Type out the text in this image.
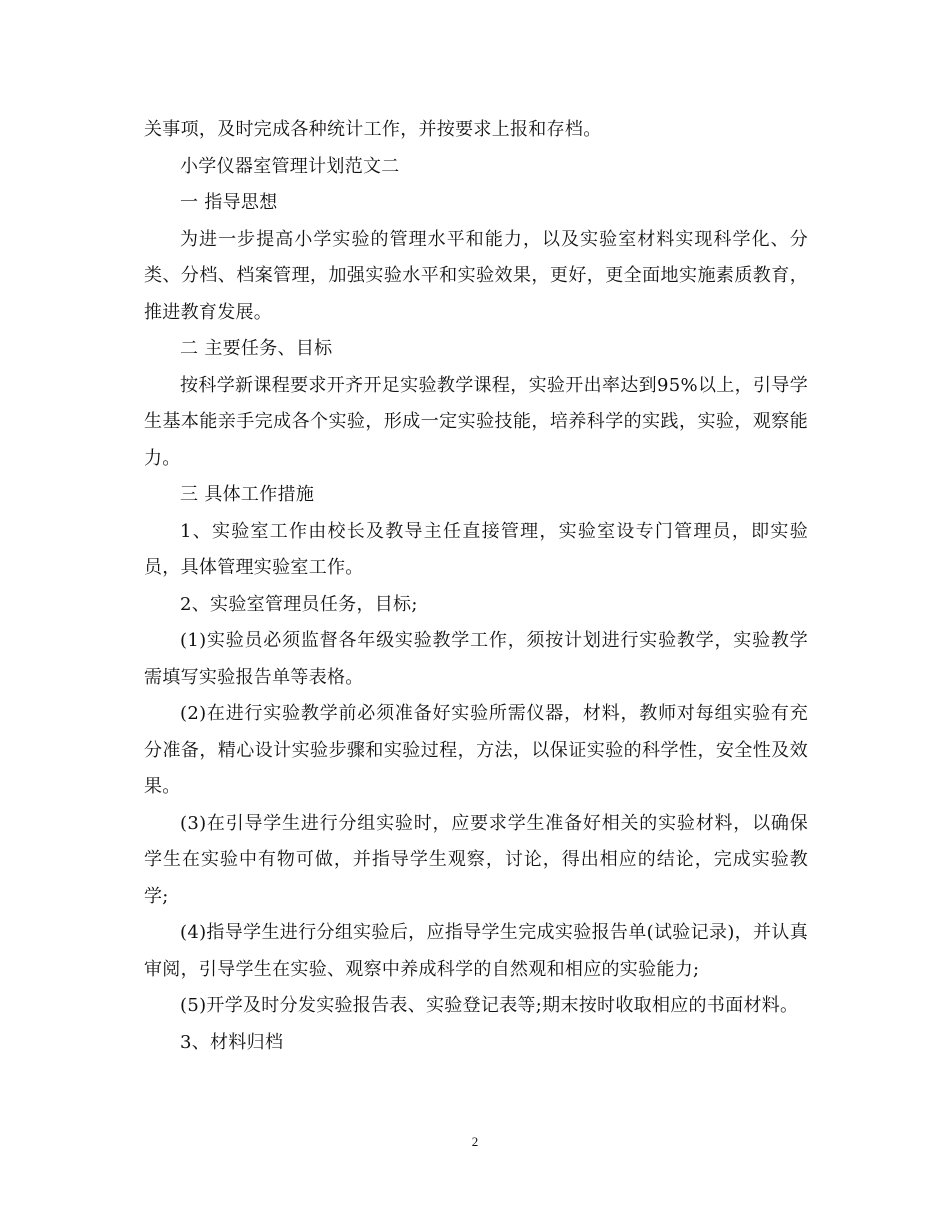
关事项，及时完成各种统计工作，并按要求上报和存档。

小学仪器室管理计划范文二

一 指导思想

为进一步提高小学实验的管理水平和能力，以及实验室材料实现科学化、分类、分档、档案管理，加强实验水平和实验效果，更好，更全面地实施素质教育，推进教育发展。

二 主要任务、目标

按科学新课程要求开齐开足实验教学课程，实验开出率达到95%以上，引导学生基本能亲手完成各个实验，形成一定实验技能，培养科学的实践，实验，观察能力。

三 具体工作措施

1、实验室工作由校长及教导主任直接管理，实验室设专门管理员，即实验员，具体管理实验室工作。

2、实验室管理员任务，目标;

(1)实验员必须监督各年级实验教学工作，须按计划进行实验教学，实验教学需填写实验报告单等表格。

(2)在进行实验教学前必须准备好实验所需仪器，材料，教师对每组实验有充分准备，精心设计实验步骤和实验过程，方法，以保证实验的科学性，安全性及效果。

(3)在引导学生进行分组实验时，应要求学生准备好相关的实验材料，以确保学生在实验中有物可做，并指导学生观察，讨论，得出相应的结论，完成实验教学;

(4)指导学生进行分组实验后，应指导学生完成实验报告单(试验记录)，并认真审阅，引导学生在实验、观察中养成科学的自然观和相应的实验能力;

(5)开学及时分发实验报告表、实验登记表等;期末按时收取相应的书面材料。

3、材料归档

2
